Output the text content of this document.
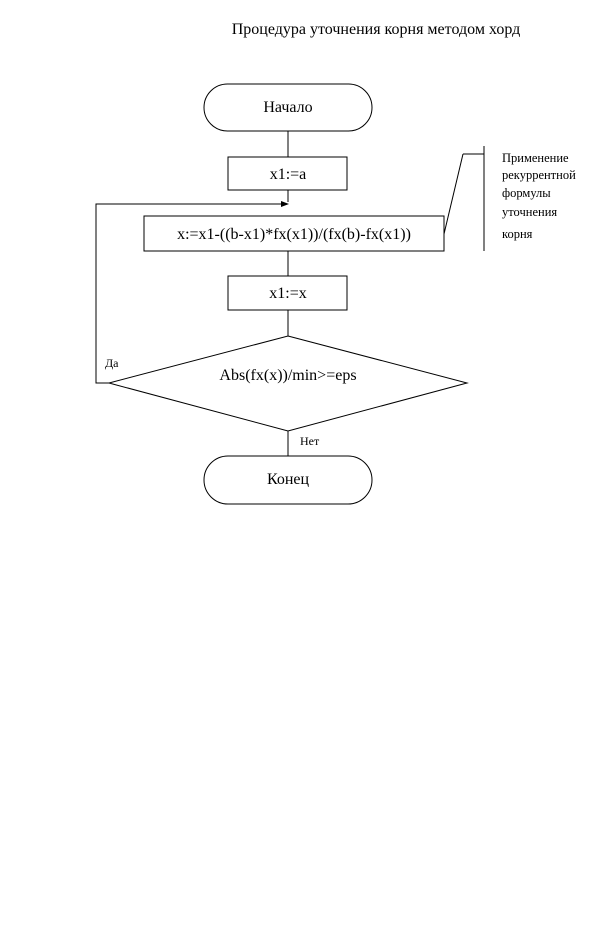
Процедура уточнения корня методом хорд
Начало
x1:=a
x:=x1-((b-x1)*fx(x1))/(fx(b)-fx(x1))
x1:=x
Abs(fx(x))/min>=eps
Конец
Да
Нет
Применение
рекуррентной
формулы
уточнения
корня
